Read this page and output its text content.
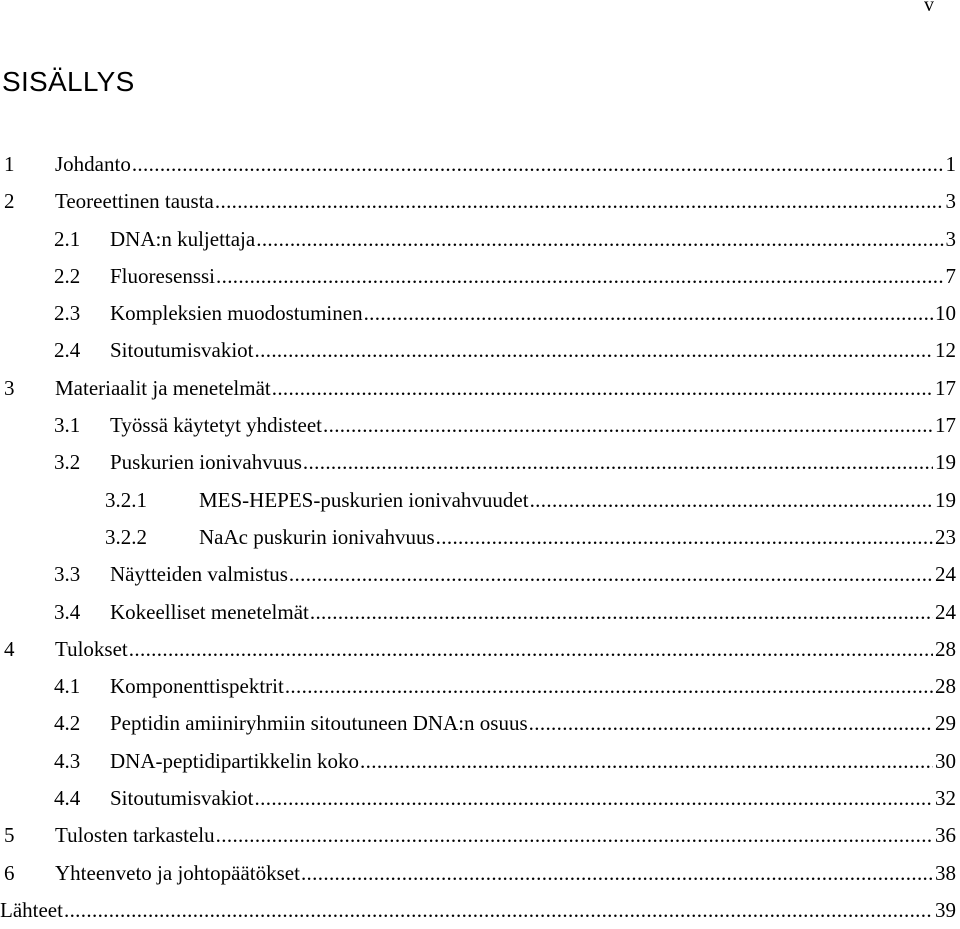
v
SISÄLLYS
1	Johdanto . . .	1
2	Teoreettinen tausta . . .	3
2.1	DNA:n kuljettaja . . .	3
2.2	Fluoresenssi . . .	7
2.3	Kompleksien muodostuminen . . .	10
2.4	Sitoutumisvakiot . . .	12
3	Materiaalit ja menetelmät . . .	17
3.1	Työssä käytetyt yhdisteet . . .	17
3.2	Puskurien ionivahvuus . . .	19
3.2.1	MES-HEPES-puskurien ionivahvuudet . . .	19
3.2.2	NaAc puskurin ionivahvuus . . .	23
3.3	Näytteiden valmistus . . .	24
3.4	Kokeelliset menetelmät . . .	24
4	Tulokset . . .	28
4.1	Komponenttispektrit . . .	28
4.2	Peptidin amiiniryhmiin sitoutuneen DNA:n osuus . . .	29
4.3	DNA-peptidipartikkelin koko . . .	30
4.4	Sitoutumisvakiot . . .	32
5	Tulosten tarkastelu . . .	36
6	Yhteenveto ja johtopäätökset . . .	38
Lähteet . . .	39
